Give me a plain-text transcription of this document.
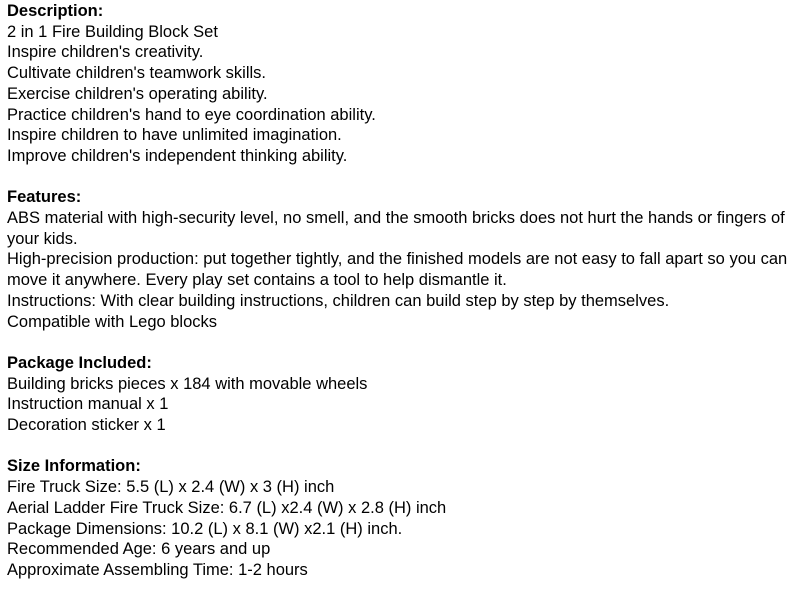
Description:
2 in 1 Fire Building Block Set
Inspire children's creativity.
Cultivate children's teamwork skills.
Exercise children's operating ability.
Practice children's hand to eye coordination ability.
Inspire children to have unlimited imagination.
Improve children's independent thinking ability.
Features:
ABS material with high-security level, no smell, and the smooth bricks does not hurt the hands or fingers of your kids.
High-precision production: put together tightly, and the finished models are not easy to fall apart so you can move it anywhere. Every play set contains a tool to help dismantle it.
Instructions: With clear building instructions, children can build step by step by themselves.
Compatible with Lego blocks
Package Included:
Building bricks pieces x 184 with movable wheels
Instruction manual x 1
Decoration sticker x 1
Size Information:
Fire Truck Size: 5.5 (L) x 2.4 (W) x 3 (H) inch
Aerial Ladder Fire Truck Size: 6.7 (L) x2.4 (W) x 2.8 (H) inch
Package Dimensions: 10.2 (L) x 8.1 (W) x2.1 (H) inch.
Recommended Age: 6 years and up
Approximate Assembling Time: 1-2 hours
